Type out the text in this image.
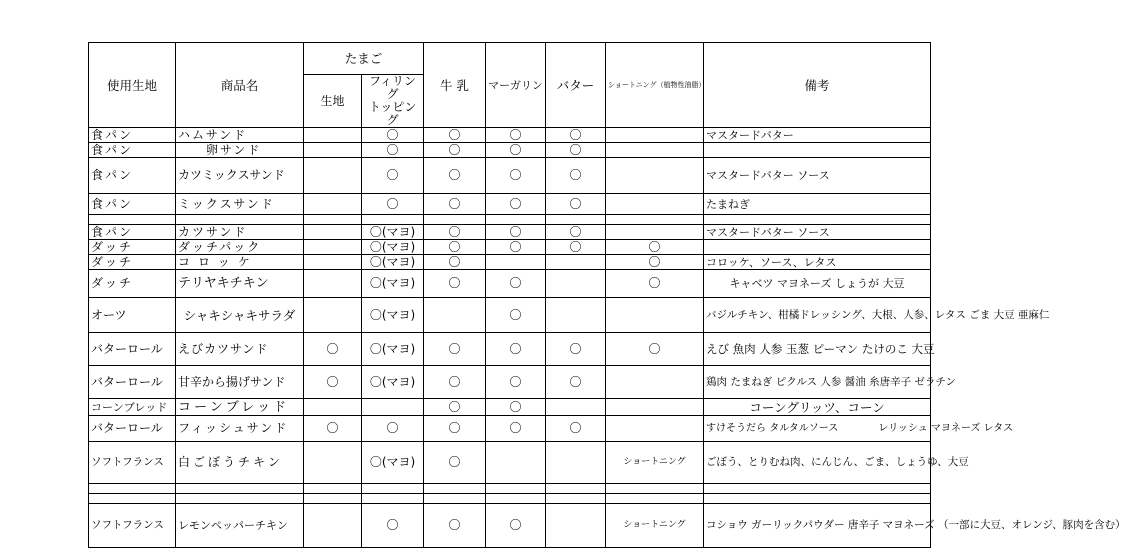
使用生地	商品名	たまご		牛 乳	マーガリン	バター	ショートニング（植物性油脂）	備考
		生地	フィリング
トッピング					
食パン	ハムサンド		〇	〇	〇	〇		マスタードバター
食パン	卵サンド		〇	〇	〇	〇		
食パン	カツミックスサンド		〇	〇	〇	〇		マスタードバター ソース
食パン	ミックスサンド		〇	〇	〇	〇		たまねぎ

食パン	カツサンド		〇(マヨ)	〇	〇	〇		マスタードバター ソース
ダッチ	ダッチパック		〇(マヨ)	〇	〇	〇	〇	
ダッチ	コロッケ		〇(マヨ)	〇			〇	コロッケ、ソース、レタス
ダッチ	テリヤキチキン		〇(マヨ)	〇	〇		〇	キャベツ マヨネーズ しょうが 大豆
オーツ	シャキシャキサラダ		〇(マヨ)		〇			バジルチキン、柑橘ドレッシング、大根、人参、レタス ごま 大豆 亜麻仁
バターロール	えびカツサンド	〇	〇(マヨ)	〇	〇	〇	〇	えび 魚肉 人参 玉葱 ピーマン たけのこ 大豆
バターロール	甘辛から揚げサンド	〇	〇(マヨ)	〇	〇	〇		鶏肉 たまねぎ ピクルス 人参 醤油 糸唐辛子 ゼラチン
コーンブレッド	コーンブレッド			〇	〇			コーングリッツ、コーン
バターロール	フィッシュサンド	〇	〇	〇	〇	〇		すけそうだら タルタルソース　　　　レリッシュ マヨネーズ レタス
ソフトフランス	白ごぼうチキン		〇(マヨ)	〇			ショートニング	ごぼう、とりむね肉、にんじん、ごま、しょうゆ、大豆

ソフトフランス	レモンペッパーチキン		〇	〇	〇		ショートニング	コショウ ガーリックパウダー 唐辛子 マヨネーズ （一部に大豆、オレンジ、豚肉を含む）
